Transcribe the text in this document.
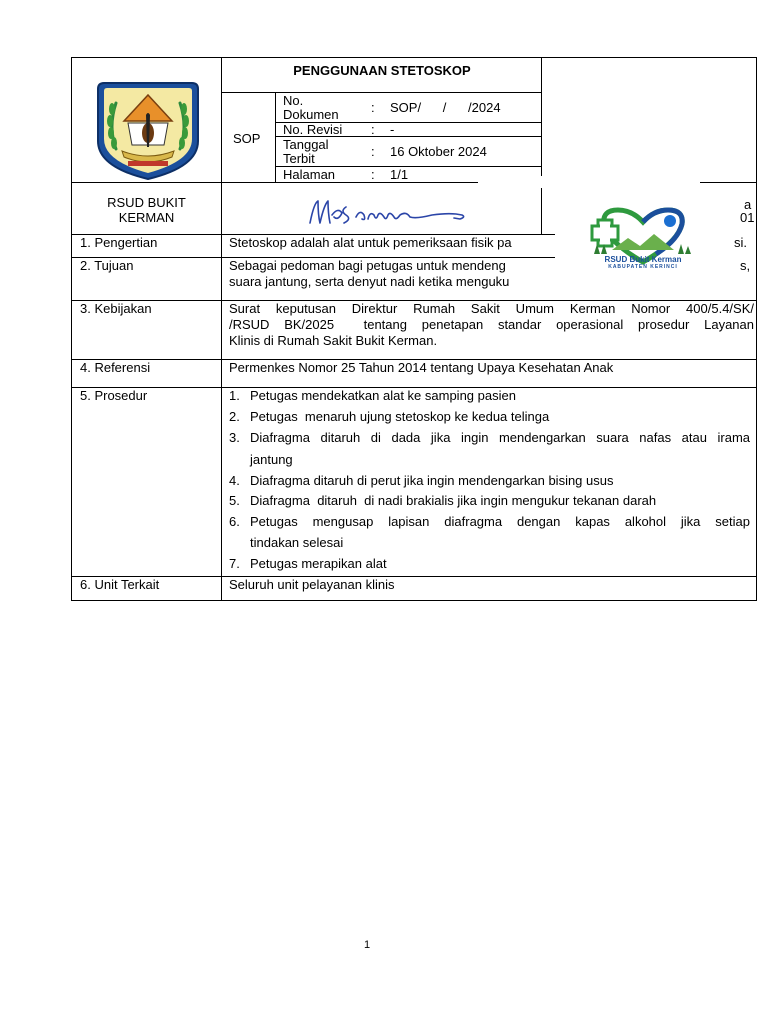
PENGGUNAAN STETOSKOP
SOP
No.
Dokumen : SOP/      /      /2024
No. Revisi : -
Tanggal
Terbit	: 16 Oktober 2024
Halaman	: 1/1
RSUD BUKIT
KERMAN
a
01
RSUD Bukit Kerman
KABUPATEN KERINCI
1. Pengertian	Stetoskop adalah alat untuk pemeriksaan fisik pa	si.
2. Tujuan	Sebagai pedoman bagi petugas untuk mendeng	s,
suara jantung, serta denyut nadi ketika menguku
3. Kebijakan	Surat keputusan Direktur Rumah Sakit Umum Kerman Nomor 400/5.4/SK/
/RSUD BK/2025  tentang penetapan standar operasional prosedur Layanan
Klinis di Rumah Sakit Bukit Kerman.
4. Referensi	Permenkes Nomor 25 Tahun 2014 tentang Upaya Kesehatan Anak
5. Prosedur	1. Petugas mendekatkan alat ke samping pasien
2. Petugas  menaruh ujung stetoskop ke kedua telinga
3. Diafragma ditaruh di dada jika ingin mendengarkan suara nafas atau irama
jantung
4. Diafragma ditaruh di perut jika ingin mendengarkan bising usus
5. Diafragma  ditaruh  di nadi brakialis jika ingin mengukur tekanan darah
6. Petugas mengusap lapisan diafragma dengan kapas alkohol jika setiap
tindakan selesai
7. Petugas merapikan alat
6. Unit Terkait	Seluruh unit pelayanan klinis
1
